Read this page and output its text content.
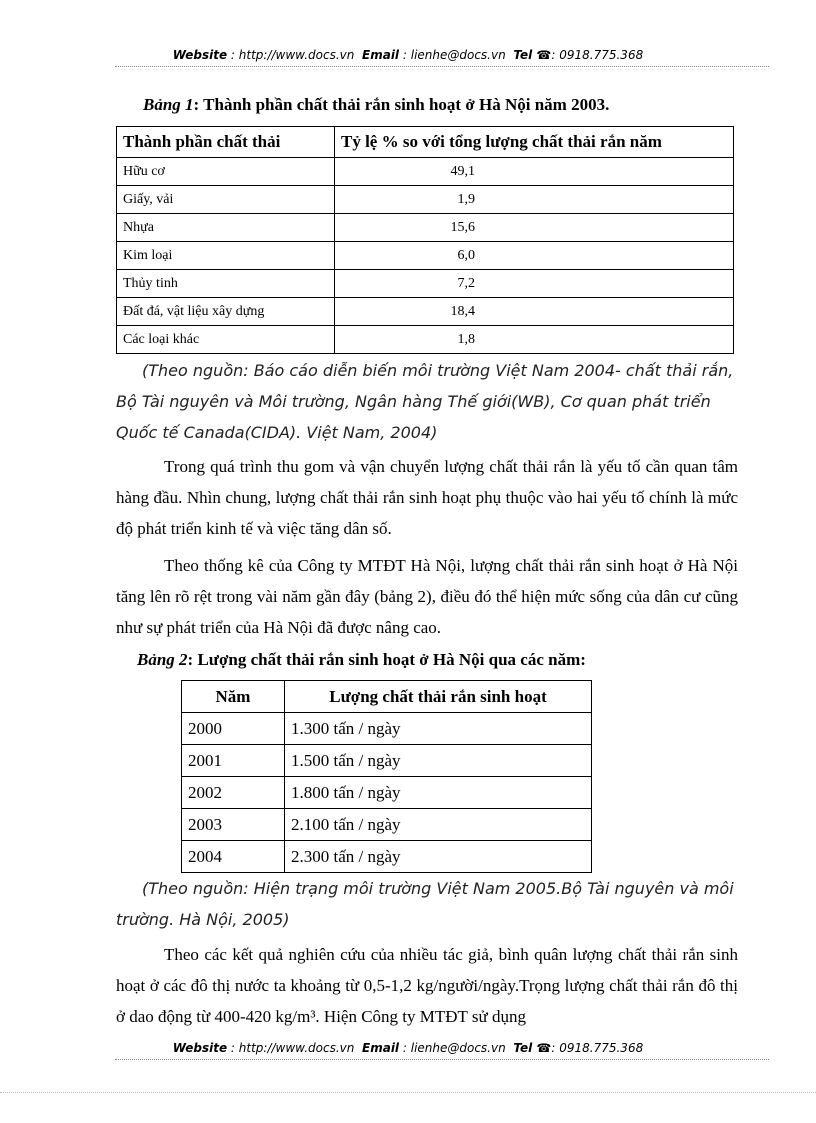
Website : http://www.docs.vn Email : lienhe@docs.vn Tel ☎: 0918.775.368
Bảng 1: Thành phần chất thải rắn sinh hoạt ở Hà Nội năm 2003.
Thành phần chất thải	Tỷ lệ % so với tổng lượng chất thải rắn năm
Hữu cơ	49,1
Giấy, vải	1,9
Nhựa	15,6
Kim loại	6,0
Thủy tinh	7,2
Đất đá, vật liệu xây dựng	18,4
Các loại khác	1,8
(Theo nguồn: Báo cáo diễn biến môi trường Việt Nam 2004- chất thải rắn, Bộ Tài nguyên và Môi trường, Ngân hàng Thế giới(WB), Cơ quan phát triển Quốc tế Canada(CIDA). Việt Nam, 2004)

Trong quá trình thu gom và vận chuyển lượng chất thải rắn là yếu tố cần quan tâm hàng đầu. Nhìn chung, lượng chất thải rắn sinh hoạt phụ thuộc vào hai yếu tố chính là mức độ phát triển kinh tế và việc tăng dân số.

Theo thống kê của Công ty MTĐT Hà Nội, lượng chất thải rắn sinh hoạt ở Hà Nội tăng lên rõ rệt trong vài năm gần đây (bảng 2), điều đó thể hiện mức sống của dân cư cũng như sự phát triển của Hà Nội đã được nâng cao.

Bảng 2: Lượng chất thải rắn sinh hoạt ở Hà Nội qua các năm:
Năm	Lượng chất thải rắn sinh hoạt
2000	1.300 tấn / ngày
2001	1.500 tấn / ngày
2002	1.800 tấn / ngày
2003	2.100 tấn / ngày
2004	2.300 tấn / ngày
(Theo nguồn: Hiện trạng môi trường Việt Nam 2005.Bộ Tài nguyên và môi trường. Hà Nội, 2005)

Theo các kết quả nghiên cứu của nhiều tác giả, bình quân lượng chất thải rắn sinh hoạt ở các đô thị nước ta khoảng từ 0,5-1,2 kg/người/ngày.Trọng lượng chất thải rắn đô thị ở dao động từ 400-420 kg/m³. Hiện Công ty MTĐT sử dụng

Website : http://www.docs.vn Email : lienhe@docs.vn Tel ☎: 0918.775.368
